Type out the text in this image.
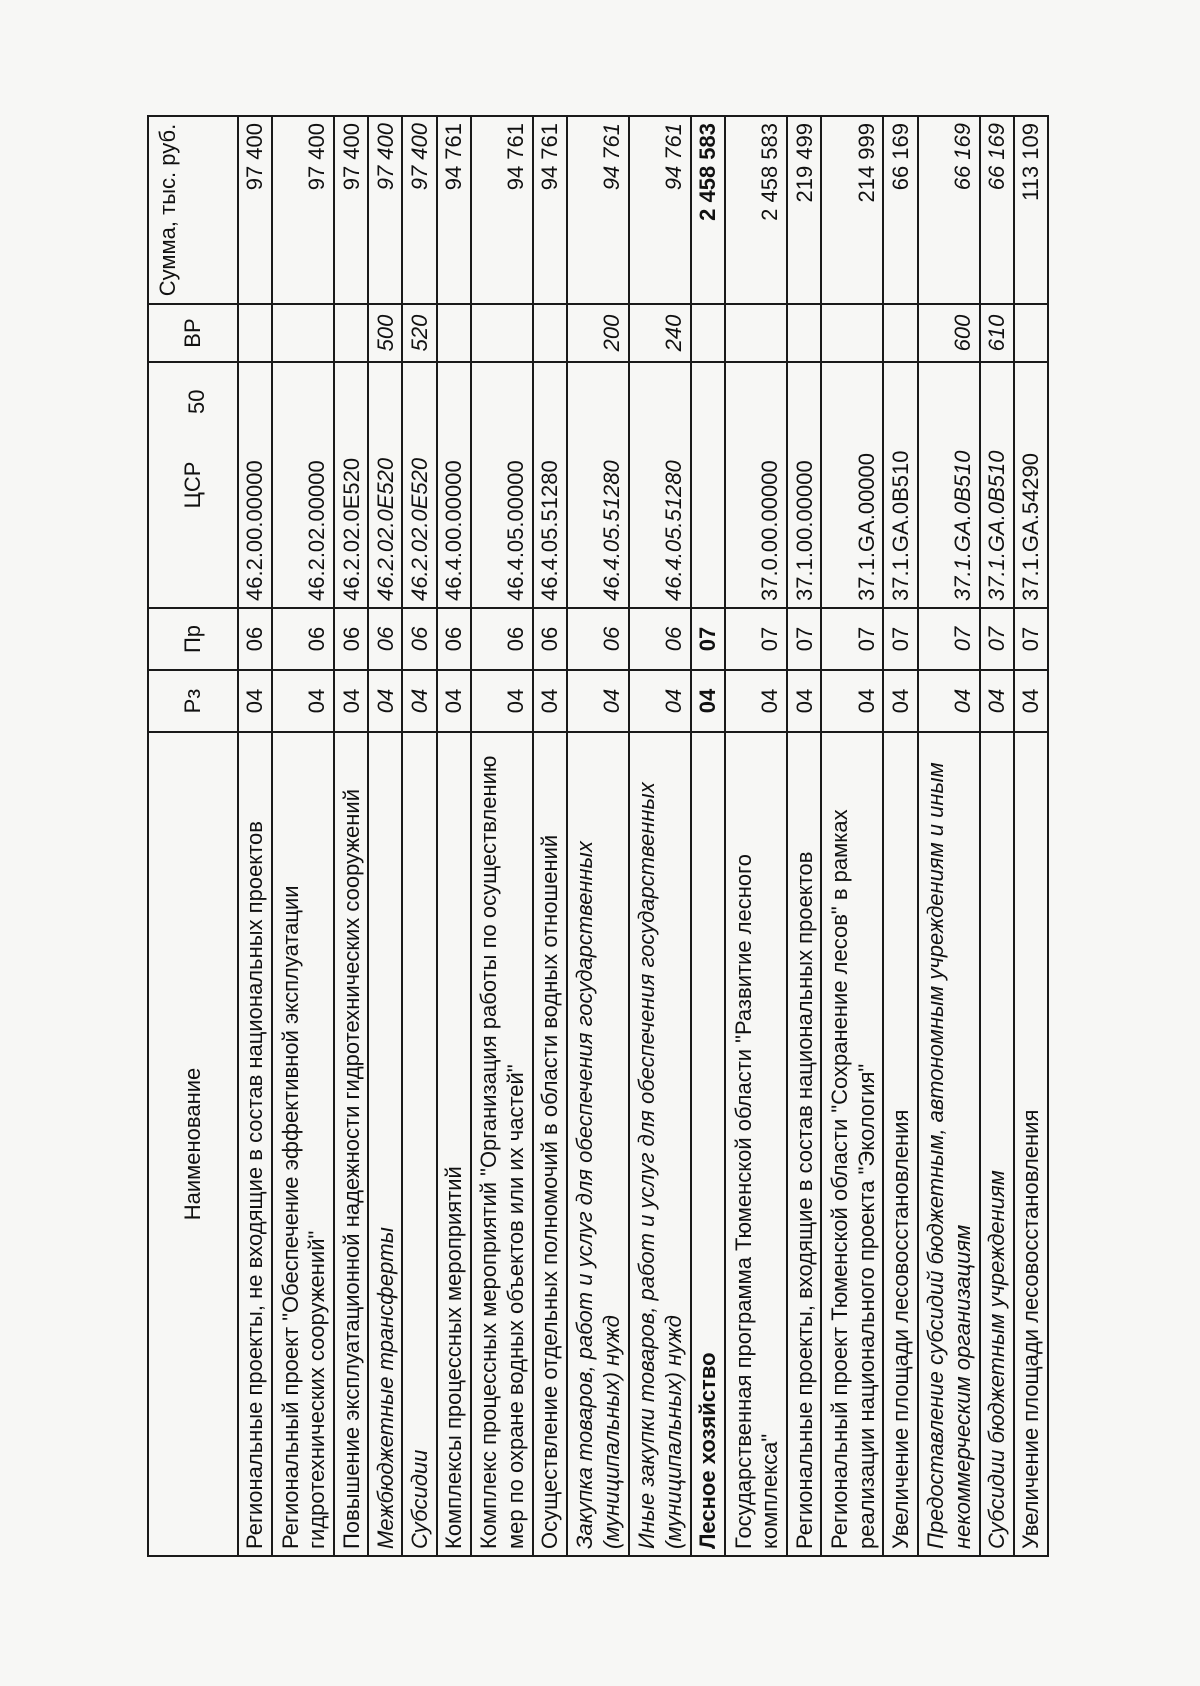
50
Наименование	Рз	Пр	ЦСР	ВР	Сумма, тыс. руб.
Региональные проекты, не входящие в состав национальных проектов	04	06	46.2.00.00000		97 400
Региональный проект "Обеспечение эффективной эксплуатации гидротехнических сооружений"	04	06	46.2.02.00000		97 400
Повышение эксплуатационной надежности гидротехнических сооружений	04	06	46.2.02.0E520		97 400
Межбюджетные трансферты	04	06	46.2.02.0E520	500	97 400
Субсидии	04	06	46.2.02.0E520	520	97 400
Комплексы процессных мероприятий	04	06	46.4.00.00000		94 761
Комплекс процессных мероприятий "Организация работы по осуществлению мер по охране водных объектов или их частей"	04	06	46.4.05.00000		94 761
Осуществление отдельных полномочий в области водных отношений	04	06	46.4.05.51280		94 761
Закупка товаров, работ и услуг для обеспечения государственных (муниципальных) нужд	04	06	46.4.05.51280	200	94 761
Иные закупки товаров, работ и услуг для обеспечения государственных (муниципальных) нужд	04	06	46.4.05.51280	240	94 761
Лесное хозяйство	04	07			2 458 583
Государственная программа Тюменской области "Развитие лесного комплекса"	04	07	37.0.00.00000		2 458 583
Региональные проекты, входящие в состав национальных проектов	04	07	37.1.00.00000		219 499
Региональный проект Тюменской области "Сохранение лесов" в рамках реализации национального проекта "Экология"	04	07	37.1.GA.00000		214 999
Увеличение площади лесовосстановления	04	07	37.1.GA.0B510		66 169
Предоставление субсидий бюджетным, автономным учреждениям и иным некоммерческим организациям	04	07	37.1.GA.0B510	600	66 169
Субсидии бюджетным учреждениям	04	07	37.1.GA.0B510	610	66 169
Увеличение площади лесовосстановления	04	07	37.1.GA.54290		113 109
